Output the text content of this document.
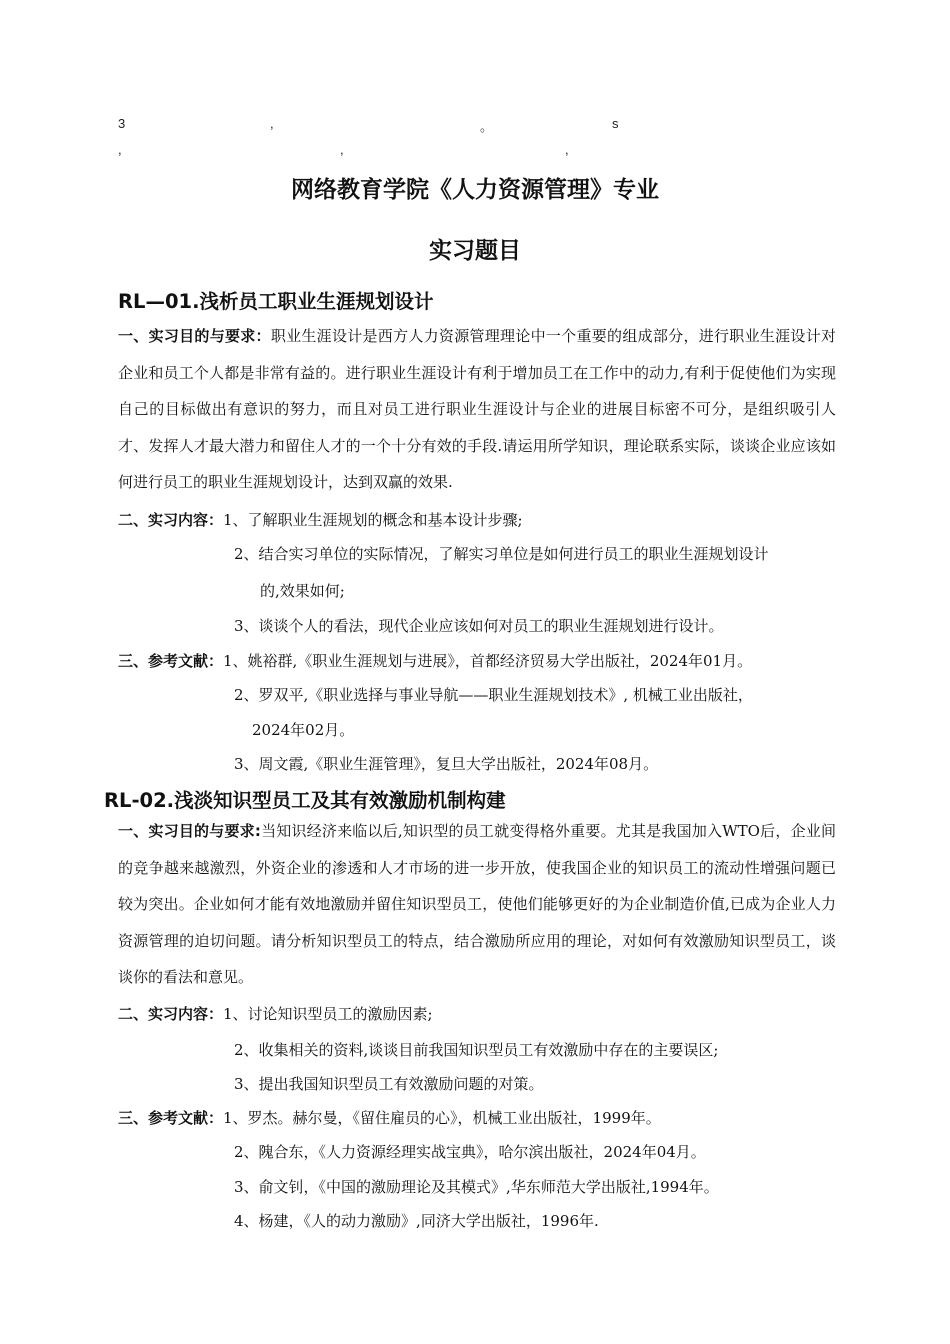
3	,	。	s
,	,	,
网络教育学院《人力资源管理》专业
实习题目
RL—01.浅析员工职业生涯规划设计
一、实习目的与要求：职业生涯设计是西方人力资源管理理论中一个重要的组成部分，进行职业生涯设计对企业和员工个人都是非常有益的。进行职业生涯设计有利于增加员工在工作中的动力,有利于促使他们为实现自己的目标做出有意识的努力，而且对员工进行职业生涯设计与企业的进展目标密不可分，是组织吸引人才、发挥人才最大潜力和留住人才的一个十分有效的手段.请运用所学知识，理论联系实际，谈谈企业应该如何进行员工的职业生涯规划设计，达到双赢的效果.
二、实习内容：1、了解职业生涯规划的概念和基本设计步骤;
2、结合实习单位的实际情况，了解实习单位是如何进行员工的职业生涯规划设计
的,效果如何;
3、谈谈个人的看法，现代企业应该如何对员工的职业生涯规划进行设计。
三、参考文献：1、姚裕群,《职业生涯规划与进展》，首都经济贸易大学出版社，2024年01月。
2、罗双平,《职业选择与事业导航——职业生涯规划技术》, 机械工业出版社，
2024年02月。
3、周文霞,《职业生涯管理》，复旦大学出版社，2024年08月。
RL-02.浅淡知识型员工及其有效激励机制构建
一、实习目的与要求:当知识经济来临以后,知识型的员工就变得格外重要。尤其是我国加入WTO后，企业间的竞争越来越激烈，外资企业的渗透和人才市场的进一步开放，使我国企业的知识员工的流动性增强问题已较为突出。企业如何才能有效地激励并留住知识型员工，使他们能够更好的为企业制造价值,已成为企业人力资源管理的迫切问题。请分析知识型员工的特点，结合激励所应用的理论，对如何有效激励知识型员工，谈谈你的看法和意见。
二、实习内容：1、讨论知识型员工的激励因素;
2、收集相关的资料,谈谈目前我国知识型员工有效激励中存在的主要误区;
3、提出我国知识型员工有效激励问题的对策。
三、参考文献：1、罗杰。赫尔曼，《留住雇员的心》，机械工业出版社，1999年。
2、隗合东，《人力资源经理实战宝典》，哈尔滨出版社，2024年04月。
3、俞文钊，《中国的激励理论及其模式》,华东师范大学出版社,1994年。
4、杨建，《人的动力激励》,同济大学出版社，1996年.
